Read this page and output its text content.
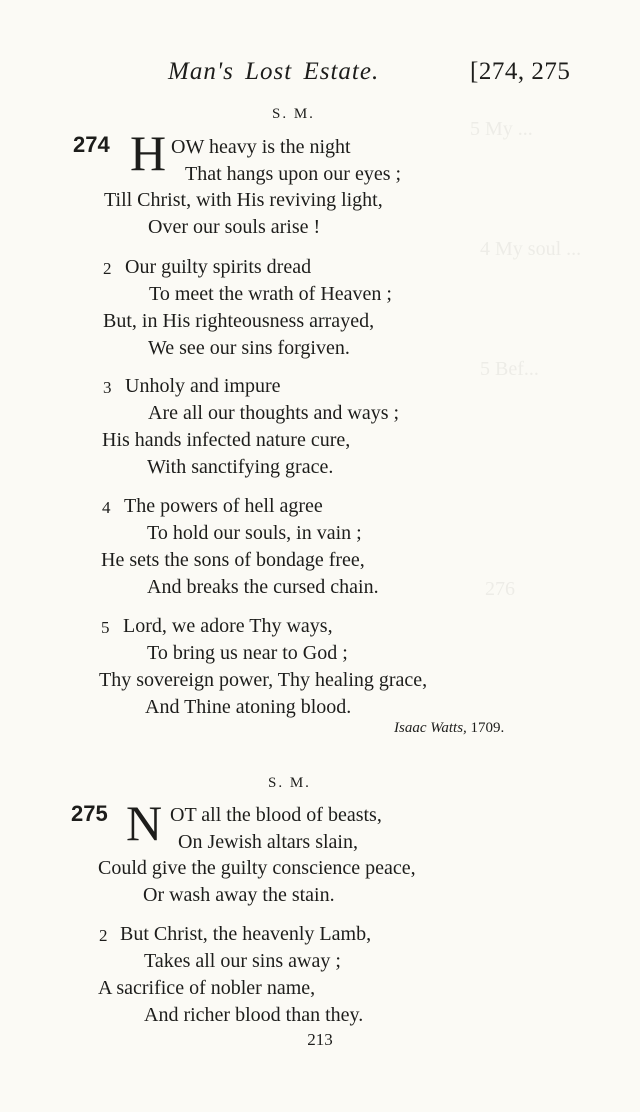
5 My ...
4 My soul ...
5 Bef...
276
Man's Lost Estate.	[274, 275
S. M.
274 H OW heavy is the night
That hangs upon our eyes ;
Till Christ, with His reviving light,
Over our souls arise !
2 Our guilty spirits dread
To meet the wrath of Heaven ;
But, in His righteousness arrayed,
We see our sins forgiven.
3 Unholy and impure
Are all our thoughts and ways ;
His hands infected nature cure,
With sanctifying grace.
4 The powers of hell agree
To hold our souls, in vain ;
He sets the sons of bondage free,
And breaks the cursed chain.
5 Lord, we adore Thy ways,
To bring us near to God ;
Thy sovereign power, Thy healing grace,
And Thine atoning blood.
Isaac Watts, 1709.
S. M.
275 N OT all the blood of beasts,
On Jewish altars slain,
Could give the guilty conscience peace,
Or wash away the stain.
2 But Christ, the heavenly Lamb,
Takes all our sins away ;
A sacrifice of nobler name,
And richer blood than they.
213
